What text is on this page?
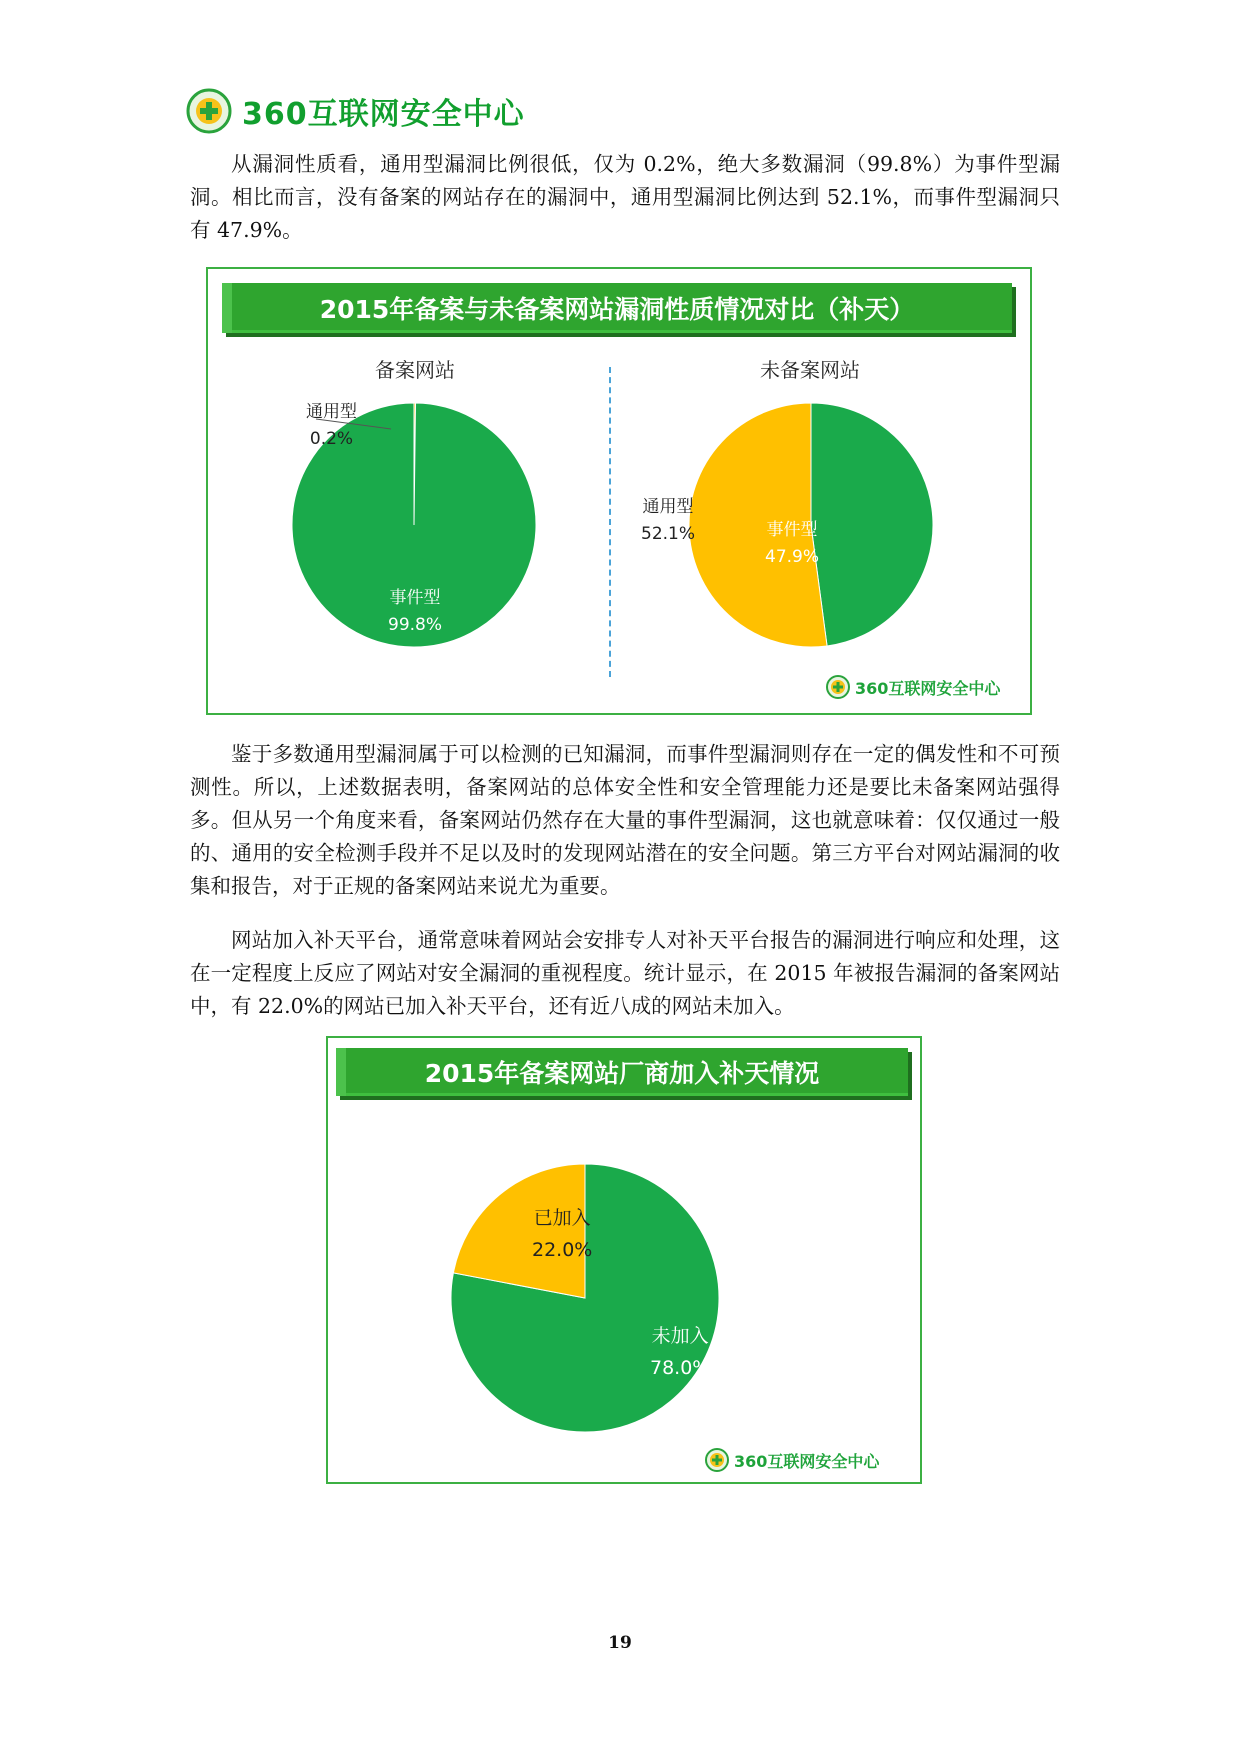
360互联网安全中心

从漏洞性质看，通用型漏洞比例很低，仅为 0.2%，绝大多数漏洞（99.8%）为事件型漏洞。相比而言，没有备案的网站存在的漏洞中，通用型漏洞比例达到 52.1%，而事件型漏洞只有 47.9%。

2015年备案与未备案网站漏洞性质情况对比（补天）
备案网站	未备案网站
通用型
0.2%
事件型
99.8%
事件型
47.9%
通用型
52.1%
360互联网安全中心

鉴于多数通用型漏洞属于可以检测的已知漏洞，而事件型漏洞则存在一定的偶发性和不可预测性。所以，上述数据表明，备案网站的总体安全性和安全管理能力还是要比未备案网站强得多。但从另一个角度来看，备案网站仍然存在大量的事件型漏洞，这也就意味着：仅仅通过一般的、通用的安全检测手段并不足以及时的发现网站潜在的安全问题。第三方平台对网站漏洞的收集和报告，对于正规的备案网站来说尤为重要。

网站加入补天平台，通常意味着网站会安排专人对补天平台报告的漏洞进行响应和处理，这在一定程度上反应了网站对安全漏洞的重视程度。统计显示，在 2015 年被报告漏洞的备案网站中，有 22.0%的网站已加入补天平台，还有近八成的网站未加入。

2015年备案网站厂商加入补天情况
已加入
22.0%
未加入
78.0%
360互联网安全中心
19
